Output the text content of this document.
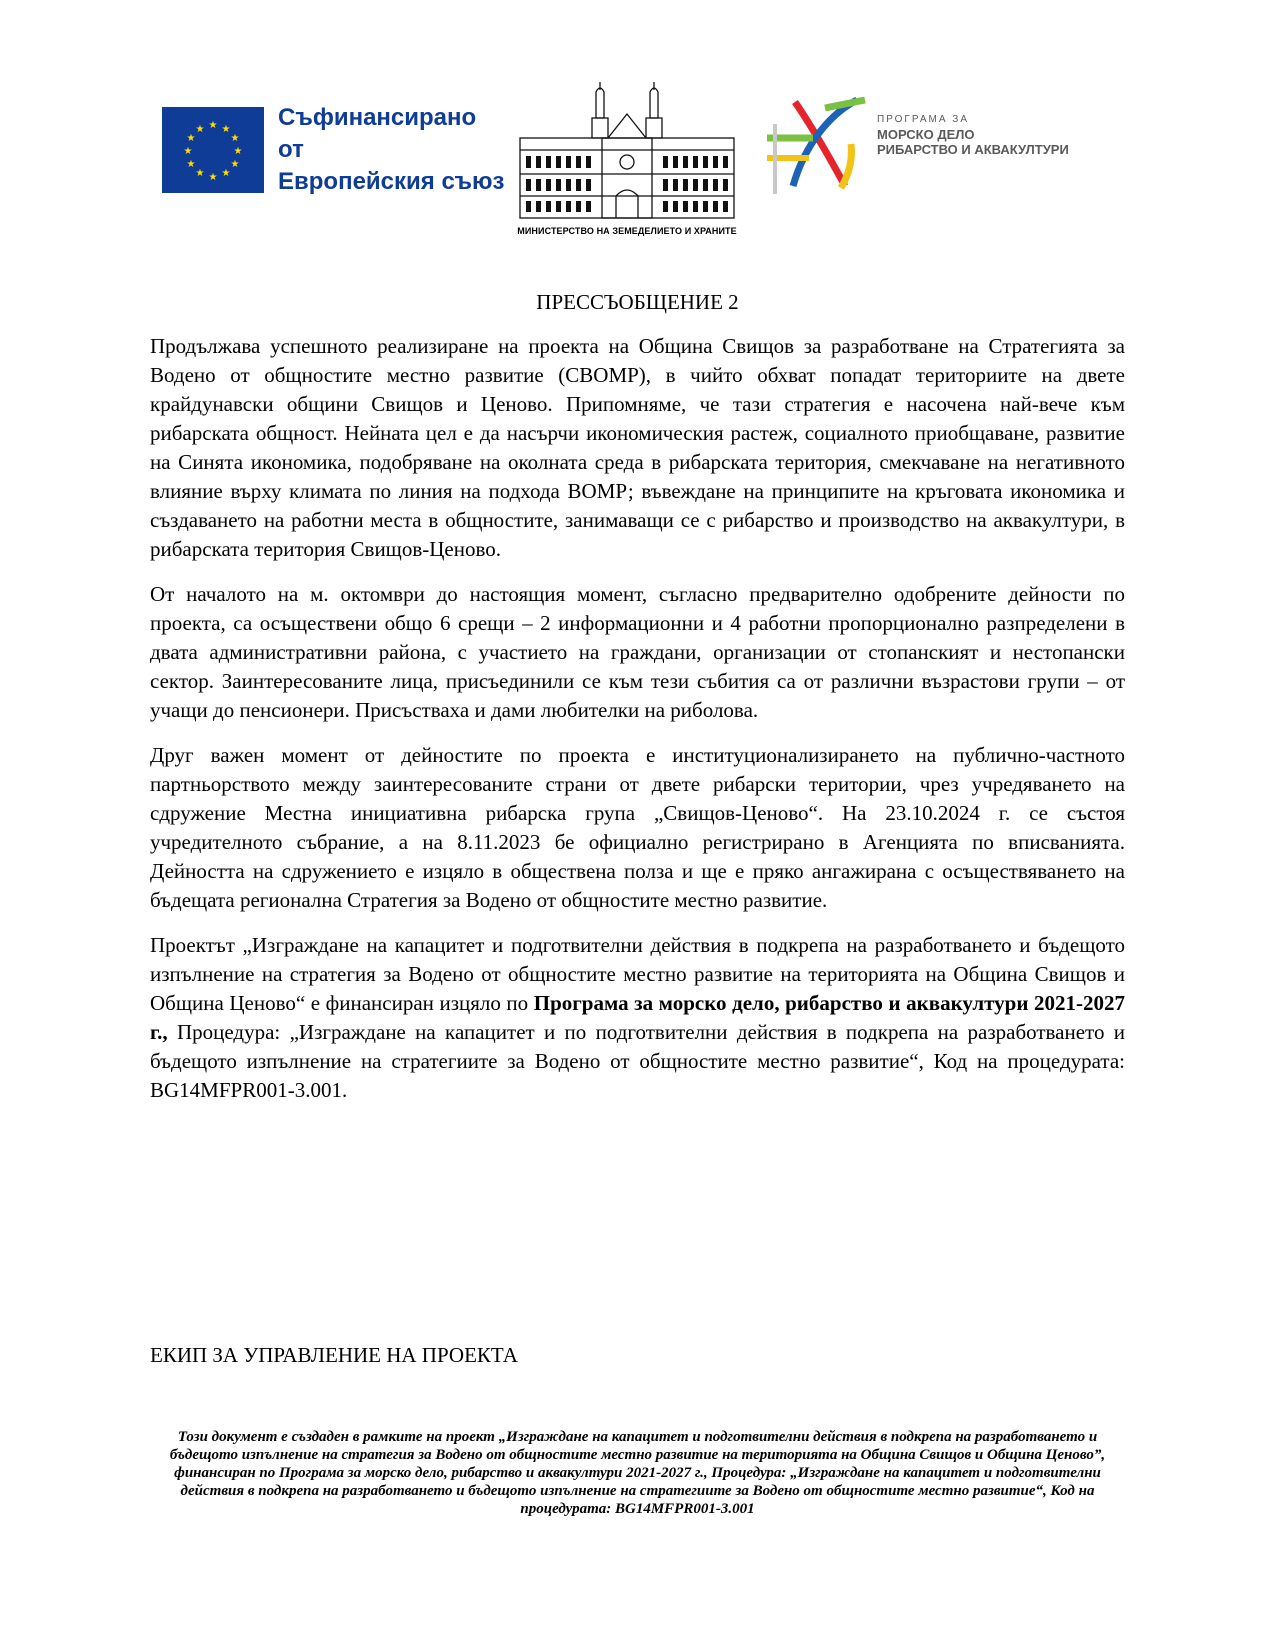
★ ★
★
★
★
★
★
★
★
★
★
★	Съфинансирано от
Европейския съюз
МИНИСТЕРСТВО НА ЗЕМЕДЕЛИЕТО И ХРАНИТЕ
ПРОГРАМА ЗА
МОРСКО ДЕЛО
РИБАРСТВО И АКВАКУЛТУРИ
ПРЕССЪОБЩЕНИЕ 2

Продължава успешното реализиране на проекта на Община Свищов за разработване на Стратегията за Водено от общностите местно развитие (СВОМР), в чийто обхват попадат териториите на двете крайдунавски общини Свищов и Ценово. Припомняме, че тази стратегия е насочена най-вече към рибарската общност. Нейната цел е да насърчи икономическия растеж, социалното приобщаване, развитие на Синята икономика, подобряване на околната среда в рибарската територия, смекчаване на негативното влияние върху климата по линия на подхода ВОМР; въвеждане на принципите на кръговата икономика и създаването на работни места в общностите, занимаващи се с рибарство и производство на аквакултури, в рибарската територия Свищов-Ценово.

От началото на м. октомври до настоящия момент, съгласно предварително одобрените дейности по проекта, са осъществени общо 6 срещи – 2 информационни и 4 работни пропорционално разпределени в двата административни района, с участието на граждани, организации от стопанският и нестопански сектор. Заинтересованите лица, присъединили се към тези събития са от различни възрастови групи – от учащи до пенсионери. Присъстваха и дами любителки на риболова.

Друг важен момент от дейностите по проекта е институционализирането на публично-частното партньорството между заинтересованите страни от двете рибарски територии, чрез учредяването на сдружение Местна инициативна рибарска група „Свищов-Ценово“. На 23.10.2024 г. се състоя учредителното събрание, а на 8.11.2023 бе официално регистрирано в Агенцията по вписванията. Дейността на сдружението е изцяло в обществена полза и ще е пряко ангажирана с осъществяването на бъдещата регионална Стратегия за Водено от общностите местно развитие.

Проектът „Изграждане на капацитет и подготвителни действия в подкрепа на разработването и бъдещото изпълнение на стратегия за Водено от общностите местно развитие на територията на Община Свищов и Община Ценово“ е финансиран изцяло по Програма за морско дело, рибарство и аквакултури 2021-2027 г., Процедура: „Изграждане на капацитет и по подготвителни действия в подкрепа на разработването и бъдещото изпълнение на стратегиите за Водено от общностите местно развитие“, Код на процедурата: BG14MFPR001-3.001.

ЕКИП ЗА УПРАВЛЕНИЕ НА ПРОЕКТА
Този документ е създаден в рамките на проект „Изграждане на капацитет и подготвителни действия в подкрепа на разработването и бъдещото изпълнение на стратегия за Водено от общностите местно развитие на територията на Община Свищов и Община Ценово”, финансиран по Програма за морско дело, рибарство и аквакултури 2021-2027 г., Процедура: „Изграждане на капацитет и подготвителни действия в подкрепа на разработването и бъдещото изпълнение на стратегиите за Водено от общностите местно развитие“, Код на процедурата: BG14MFPR001-3.001
